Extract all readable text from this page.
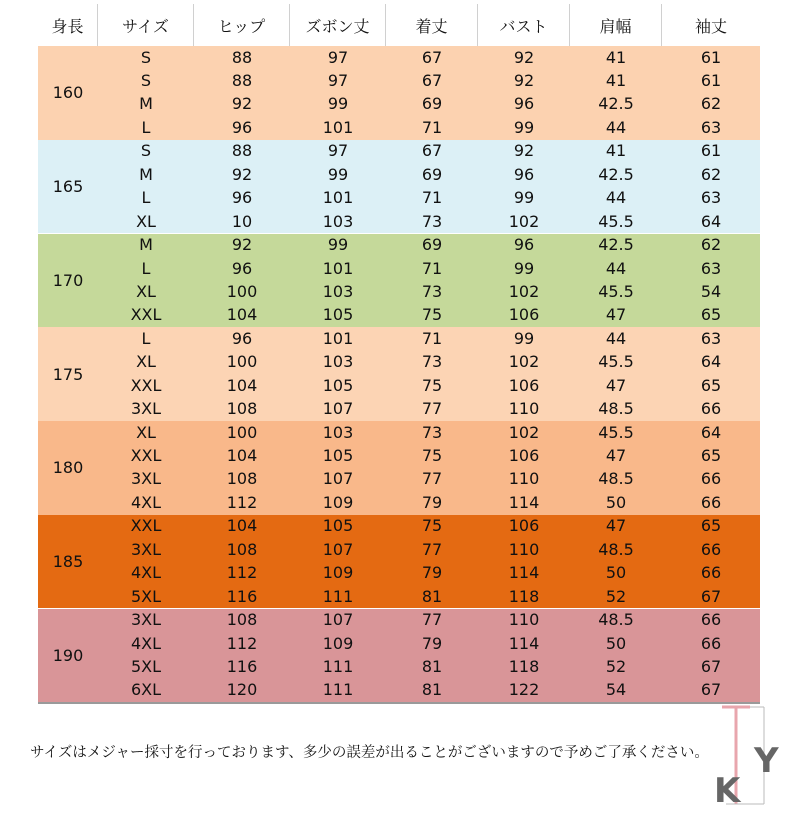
身長	サイズ	ヒップ	ズボン丈	着丈	バスト	肩幅	袖丈
160
S	88	97	67	92	41	61
S	88	97	67	92	41	61
M	92	99	69	96	42.5	62
L	96	101	71	99	44	63
165
S	88	97	67	92	41	61
M	92	99	69	96	42.5	62
L	96	101	71	99	44	63
XL	10	103	73	102	45.5	64
170
M	92	99	69	96	42.5	62
L	96	101	71	99	44	63
XL	100	103	73	102	45.5	54
XXL	104	105	75	106	47	65
175
L	96	101	71	99	44	63
XL	100	103	73	102	45.5	64
XXL	104	105	75	106	47	65
3XL	108	107	77	110	48.5	66
180
XL	100	103	73	102	45.5	64
XXL	104	105	75	106	47	65
3XL	108	107	77	110	48.5	66
4XL	112	109	79	114	50	66
185
XXL	104	105	75	106	47	65
3XL	108	107	77	110	48.5	66
4XL	112	109	79	114	50	66
5XL	116	111	81	118	52	67
190
3XL	108	107	77	110	48.5	66
4XL	112	109	79	114	50	66
5XL	116	111	81	118	52	67
6XL	120	111	81	122	54	67
サイズはメジャー採寸を行っております、多少の誤差が出ることがございますので予めご了承ください。
K
Y
